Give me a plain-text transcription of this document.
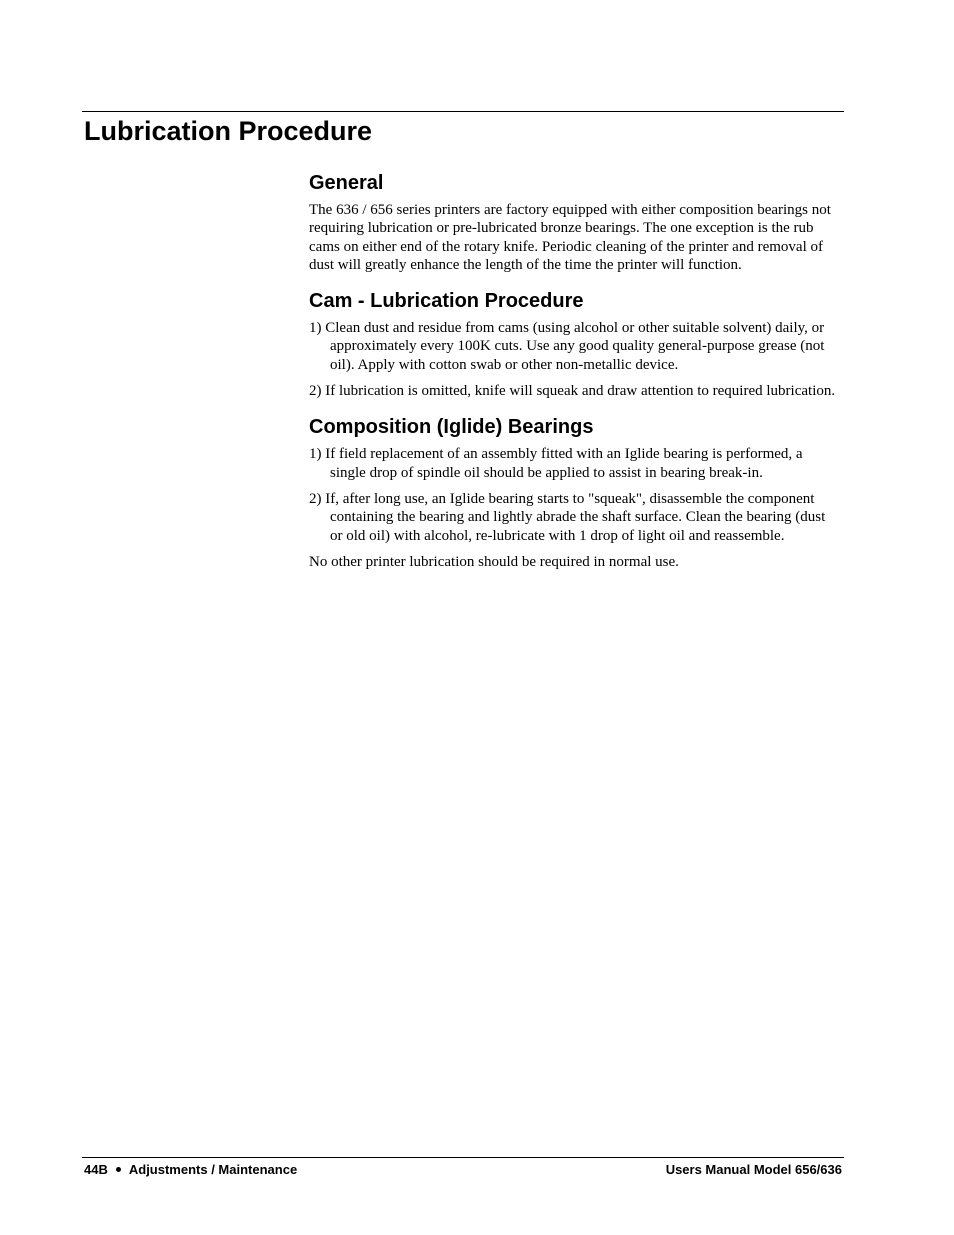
Lubrication Procedure
General

The 636 / 656 series printers are factory equipped with either composition bearings not requiring lubrication or pre-lubricated bronze bearings. The one exception is the rub cams on either end of the rotary knife. Periodic cleaning of the printer and removal of dust will greatly enhance the length of the time the printer will function.

Cam - Lubrication Procedure

1) Clean dust and residue from cams (using alcohol or other suitable solvent) daily, or approximately every 100K cuts. Use any good quality general-purpose grease (not oil). Apply with cotton swab or other non-metallic device.

2) If lubrication is omitted, knife will squeak and draw attention to required lubrication.

Composition (Iglide) Bearings

1) If field replacement of an assembly fitted with an Iglide bearing is performed, a single drop of spindle oil should be applied to assist in bearing break-in.

2) If, after long use, an Iglide bearing starts to "squeak", disassemble the component containing the bearing and lightly abrade the shaft surface. Clean the bearing (dust or old oil) with alcohol, re-lubricate with 1 drop of light oil and reassemble.

No other printer lubrication should be required in normal use.

44B Adjustments / Maintenance	Users Manual Model 656/636
